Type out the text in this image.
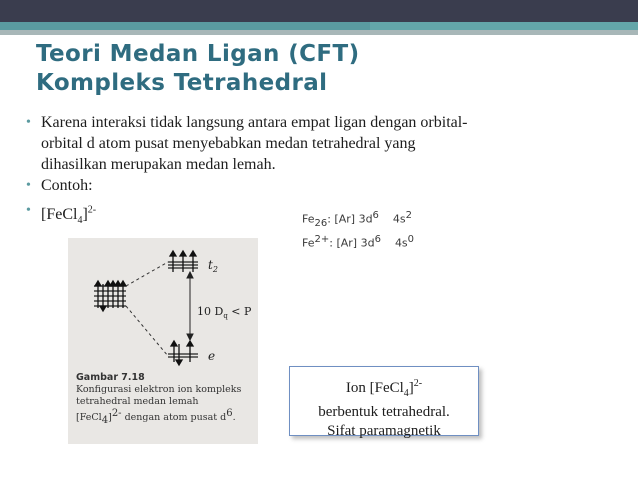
Teori Medan Ligan (CFT)
Kompleks Tetrahedral
• Karena interaksi tidak langsung antara empat ligan dengan orbital-
orbital d atom pusat menyebabkan medan tetrahedral yang
dihasilkan merupakan medan lemah.
• Contoh:
• [FeCl$_4$]$^{2-}$
$Fe_{26}$: [Ar] $3d^6$ $4s^2$
$Fe^{2+}$: [Ar] $3d^6$ $4s^0$
$t_2$
e
10 $D_q < P$
Gambar 7.18
Konfigurasi elektron ion kompleks
tetrahedral medan lemah
[FeCl$_4$]$^{2-}$ dengan atom pusat $d^6$.
Ion [FeCl$_4$]$^{2-}$
berbentuk tetrahedral.
Sifat paramagnetik
